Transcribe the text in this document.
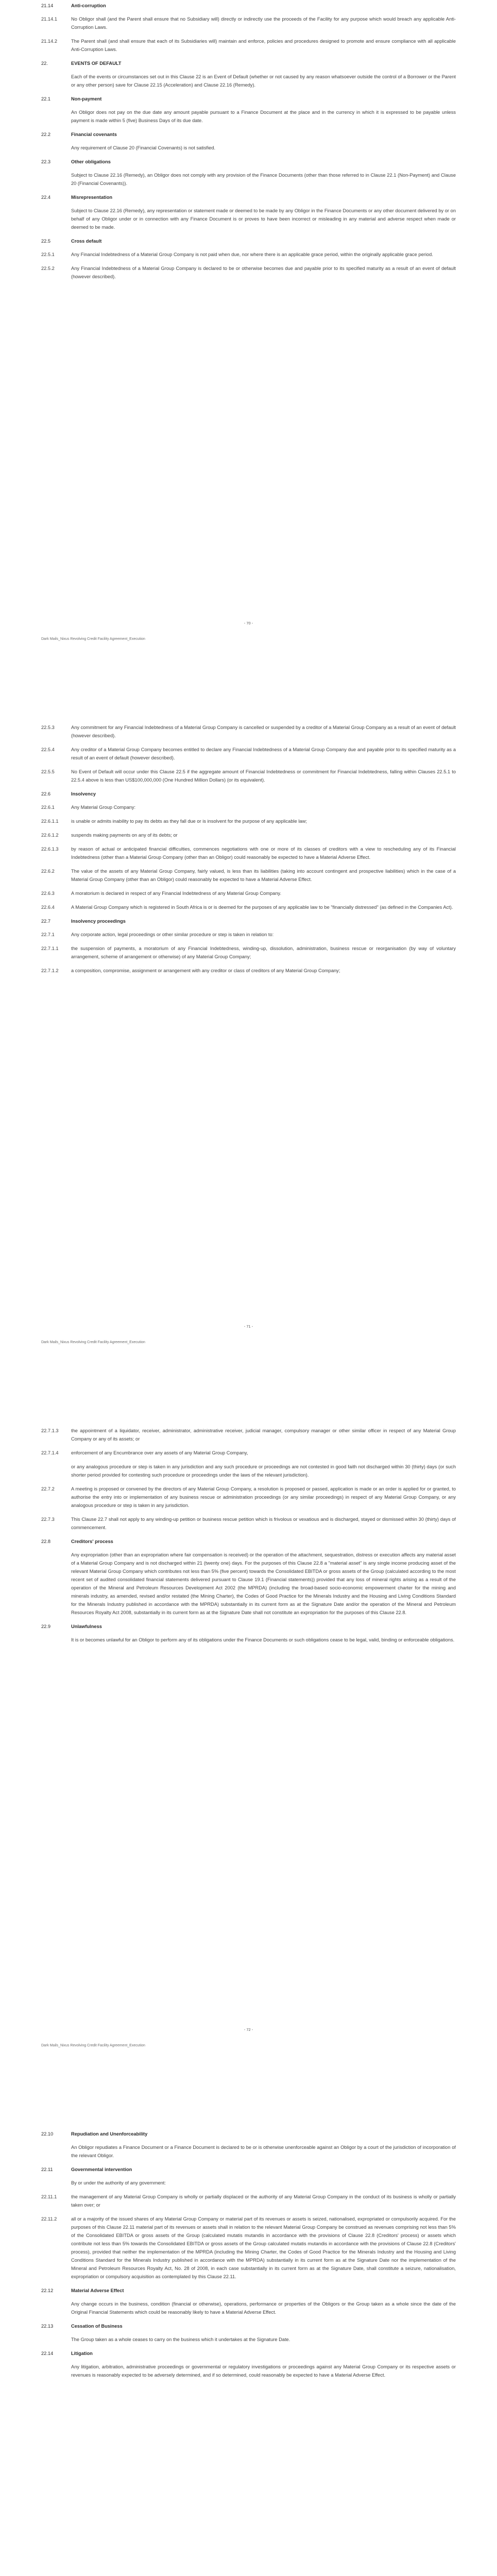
21.14	Anti-corruption
21.14.1	No Obligor shall (and the Parent shall ensure that no Subsidiary will) directly or indirectly use the proceeds of the Facility for any purpose which would breach any applicable Anti-Corruption Laws.
21.14.2	The Parent shall (and shall ensure that each of its Subsidiaries will) maintain and enforce, policies and procedures designed to promote and ensure compliance with all applicable Anti-Corruption Laws.
22.	EVENTS OF DEFAULT
Each of the events or circumstances set out in this Clause 22 is an Event of Default (whether or not caused by any reason whatsoever outside the control of a Borrower or the Parent or any other person) save for Clause 22.15 (Acceleration) and Clause 22.16 (Remedy).
22.1	Non-payment
An Obligor does not pay on the due date any amount payable pursuant to a Finance Document at the place and in the currency in which it is expressed to be payable unless payment is made within 5 (five) Business Days of its due date.
22.2	Financial covenants
Any requirement of Clause 20 (Financial Covenants) is not satisfied.
22.3	Other obligations
Subject to Clause 22.16 (Remedy), an Obligor does not comply with any provision of the Finance Documents (other than those referred to in Clause 22.1 (Non-Payment) and Clause 20 (Financial Covenants)).
22.4	Misrepresentation
Subject to Clause 22.16 (Remedy), any representation or statement made or deemed to be made by any Obligor in the Finance Documents or any other document delivered by or on behalf of any Obligor under or in connection with any Finance Document is or proves to have been incorrect or misleading in any material and adverse respect when made or deemed to be made.
22.5	Cross default
22.5.1	Any Financial Indebtedness of a Material Group Company is not paid when due, nor where there is an applicable grace period, within the originally applicable grace period.
22.5.2	Any Financial Indebtedness of a Material Group Company is declared to be or otherwise becomes due and payable prior to its specified maturity as a result of an event of default (however described).
- 70 -
Dark Mails_Nixus Revolving Credit Facility Agreement_Execution
22.5.3	Any commitment for any Financial Indebtedness of a Material Group Company is cancelled or suspended by a creditor of a Material Group Company as a result of an event of default (however described).
22.5.4	Any creditor of a Material Group Company becomes entitled to declare any Financial Indebtedness of a Material Group Company due and payable prior to its specified maturity as a result of an event of default (however described).
22.5.5	No Event of Default will occur under this Clause 22.5 if the aggregate amount of Financial Indebtedness or commitment for Financial Indebtedness, falling within Clauses 22.5.1 to 22.5.4 above is less than US$100,000,000 (One Hundred Million Dollars) (or its equivalent).
22.6	Insolvency
22.6.1	Any Material Group Company:
22.6.1.1	is unable or admits inability to pay its debts as they fall due or is insolvent for the purpose of any applicable law;
22.6.1.2	suspends making payments on any of its debts; or
22.6.1.3	by reason of actual or anticipated financial difficulties, commences negotiations with one or more of its classes of creditors with a view to rescheduling any of its Financial Indebtedness (other than a Material Group Company (other than an Obligor) could reasonably be expected to have a Material Adverse Effect.
22.6.2	The value of the assets of any Material Group Company, fairly valued, is less than its liabilities (taking into account contingent and prospective liabilities) which in the case of a Material Group Company (other than an Obligor) could reasonably be expected to have a Material Adverse Effect.
22.6.3	A moratorium is declared in respect of any Financial Indebtedness of any Material Group Company.
22.6.4	A Material Group Company which is registered in South Africa is or is deemed for the purposes of any applicable law to be "financially distressed" (as defined in the Companies Act).
22.7	Insolvency proceedings
22.7.1	Any corporate action, legal proceedings or other similar procedure or step is taken in relation to:
22.7.1.1	the suspension of payments, a moratorium of any Financial Indebtedness, winding-up, dissolution, administration, business rescue or reorganisation (by way of voluntary arrangement, scheme of arrangement or otherwise) of any Material Group Company;
22.7.1.2	a composition, compromise, assignment or arrangement with any creditor or class of creditors of any Material Group Company;
- 71 -
Dark Mails_Nixus Revolving Credit Facility Agreement_Execution
22.7.1.3	the appointment of a liquidator, receiver, administrator, administrative receiver, judicial manager, compulsory manager or other similar officer in respect of any Material Group Company or any of its assets; or
22.7.1.4	enforcement of any Encumbrance over any assets of any Material Group Company,
or any analogous procedure or step is taken in any jurisdiction and any such procedure or proceedings are not contested in good faith not discharged within 30 (thirty) days (or such shorter period provided for contesting such procedure or proceedings under the laws of the relevant jurisdiction).
22.7.2	A meeting is proposed or convened by the directors of any Material Group Company, a resolution is proposed or passed, application is made or an order is applied for or granted, to authorise the entry into or implementation of any business rescue or administration proceedings (or any similar proceedings) in respect of any Material Group Company, or any analogous procedure or step is taken in any jurisdiction.
22.7.3	This Clause 22.7 shall not apply to any winding-up petition or business rescue petition which is frivolous or vexatious and is discharged, stayed or dismissed within 30 (thirty) days of commencement.
22.8	Creditors' process
Any expropriation (other than an expropriation where fair compensation is received) or the operation of the attachment, sequestration, distress or execution affects any material asset of a Material Group Company and is not discharged within 21 (twenty one) days. For the purposes of this Clause 22.8 a "material asset" is any single income producing asset of the relevant Material Group Company which contributes not less than 5% (five percent) towards the Consolidated EBITDA or gross assets of the Group (calculated according to the most recent set of audited consolidated financial statements delivered pursuant to Clause 19.1 (Financial statements)) provided that any loss of mineral rights arising as a result of the operation of the Mineral and Petroleum Resources Development Act 2002 (the MPRDA) (including the broad-based socio-economic empowerment charter for the mining and minerals industry, as amended, revised and/or restated (the Mining Charter), the Codes of Good Practice for the Minerals Industry and the Housing and Living Conditions Standard for the Minerals Industry published in accordance with the MPRDA) substantially in its current form as at the Signature Date and/or the operation of the Mineral and Petroleum Resources Royalty Act 2008, substantially in its current form as at the Signature Date shall not constitute an expropriation for the purposes of this Clause 22.8.
22.9	Unlawfulness
It is or becomes unlawful for an Obligor to perform any of its obligations under the Finance Documents or such obligations cease to be legal, valid, binding or enforceable obligations.
- 72 -
Dark Mails_Nixus Revolving Credit Facility Agreement_Execution
22.10	Repudiation and Unenforceability
An Obligor repudiates a Finance Document or a Finance Document is declared to be or is otherwise unenforceable against an Obligor by a court of the jurisdiction of incorporation of the relevant Obligor.
22.11	Governmental intervention
By or under the authority of any government:
22.11.1	the management of any Material Group Company is wholly or partially displaced or the authority of any Material Group Company in the conduct of its business is wholly or partially taken over; or
22.11.2	all or a majority of the issued shares of any Material Group Company or material part of its revenues or assets is seized, nationalised, expropriated or compulsorily acquired. For the purposes of this Clause 22.11 material part of its revenues or assets shall in relation to the relevant Material Group Company be construed as revenues comprising not less than 5% of the Consolidated EBITDA or gross assets of the Group (calculated mutatis mutandis in accordance with the provisions of Clause 22.8 (Creditors' process) or assets which contribute not less than 5% towards the Consolidated EBITDA or gross assets of the Group calculated mutatis mutandis in accordance with the provisions of Clause 22.8 (Creditors' process), provided that neither the implementation of the MPRDA (including the Mining Charter, the Codes of Good Practice for the Minerals Industry and the Housing and Living Conditions Standard for the Minerals Industry published in accordance with the MPRDA) substantially in its current form as at the Signature Date nor the implementation of the Mineral and Petroleum Resources Royalty Act, No. 28 of 2008, in each case substantially in its current form as at the Signature Date, shall constitute a seizure, nationalisation, expropriation or compulsory acquisition as contemplated by this Clause 22.11.
22.12	Material Adverse Effect
Any change occurs in the business, condition (financial or otherwise), operations, performance or properties of the Obligors or the Group taken as a whole since the date of the Original Financial Statements which could be reasonably likely to have a Material Adverse Effect.
22.13	Cessation of Business
The Group taken as a whole ceases to carry on the business which it undertakes at the Signature Date.
22.14	Litigation
Any litigation, arbitration, administrative proceedings or governmental or regulatory investigations or proceedings against any Material Group Company or its respective assets or revenues is reasonably expected to be adversely determined, and if so determined, could reasonably be expected to have a Material Adverse Effect.
